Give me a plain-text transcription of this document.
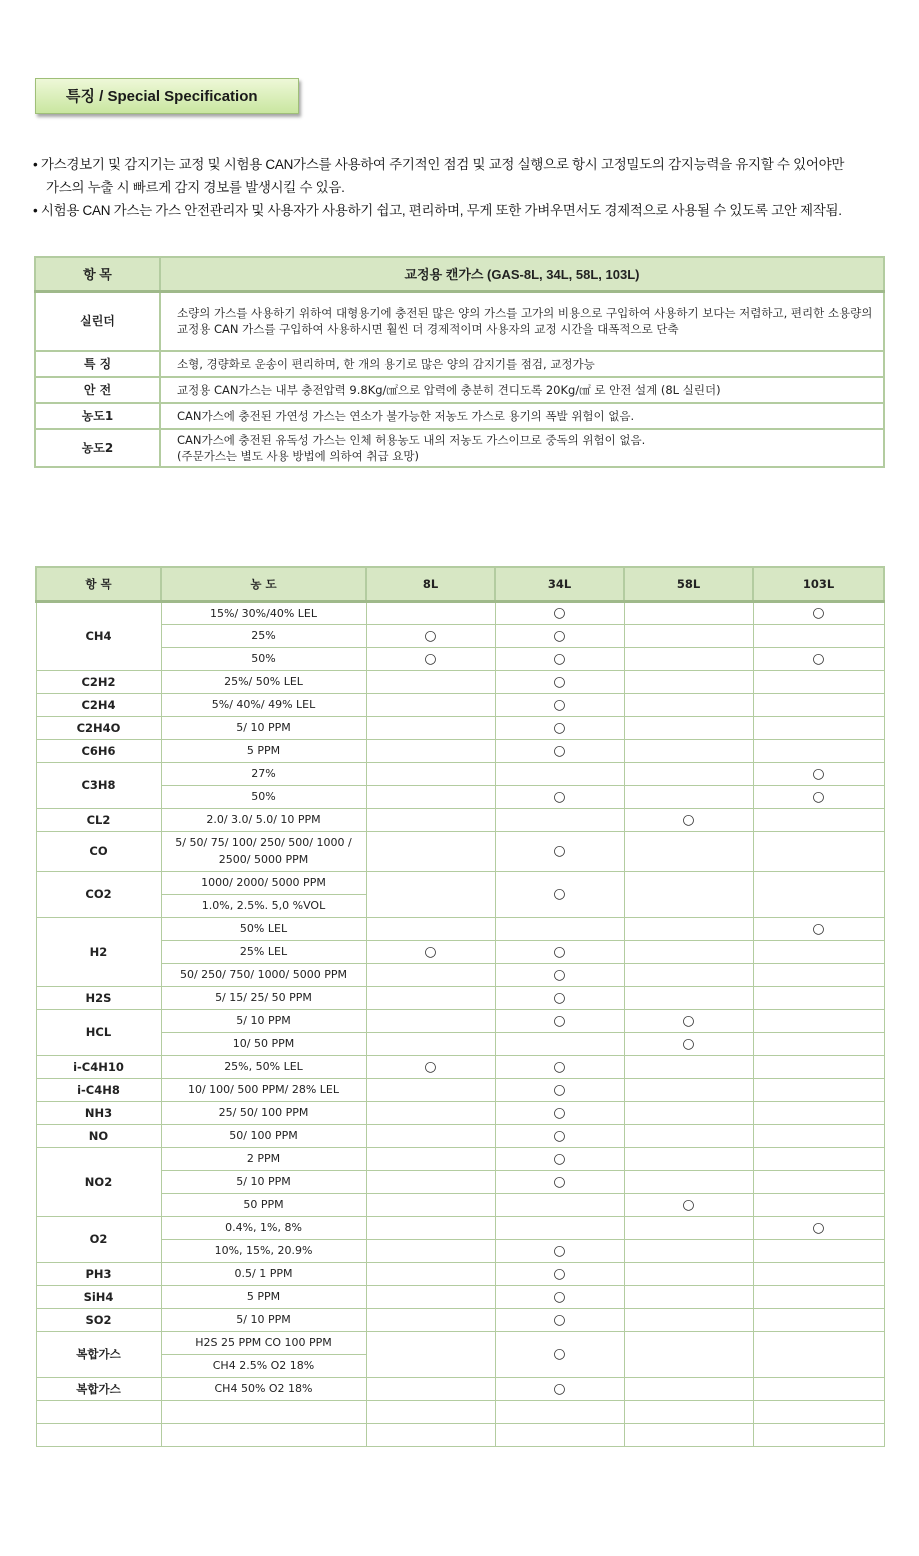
특징 / Special Specification

• 가스경보기 및 감지기는 교정 및 시험용 CAN가스를 사용하여 주기적인 점검 및 교정 실행으로 항시 고정밀도의 감지능력을 유지할 수 있어야만

가스의 누출 시 빠르게 감지 경보를 발생시킬 수 있음.

• 시험용 CAN 가스는 가스 안전관리자 및 사용자가 사용하기 쉽고, 편리하며, 무게 또한 가벼우면서도 경제적으로 사용될 수 있도록 고안 제작됨.

항 목	교정용 캔가스 (GAS-8L, 34L, 58L, 103L)
실린더	소량의 가스를 사용하기 위하여 대형용기에 충전된 많은 양의 가스를 고가의 비용으로 구입하여 사용하기 보다는 저렴하고, 편리한 소용량의 교정용 CAN 가스를 구입하여 사용하시면 훨씬 더 경제적이며 사용자의 교정 시간을 대폭적으로 단축
특 징	소형, 경량화로 운송이 편리하며, 한 개의 용기로 많은 양의 감지기를 점검, 교정가능
안 전	교정용 CAN가스는 내부 충전압력 9.8Kg/㎠으로 압력에 충분히 견디도록 20Kg/㎠ 로 안전 설계 (8L 실린더)
농도1	CAN가스에 충전된 가연성 가스는 연소가 불가능한 저농도 가스로 용기의 폭발 위험이 없음.
농도2	CAN가스에 충전된 유독성 가스는 인체 허용농도 내의 저농도 가스이므로 중독의 위험이 없음.
(주문가스는 별도 사용 방법에 의하여 취급 요망)
항 목	농 도	8L	34L	58L	103L
CH4	15%/ 30%/40% LEL		○		○
	25%	○	○		
	50%	○	○		○
C2H2	25%/ 50% LEL		○		
C2H4	5%/ 40%/ 49% LEL		○		
C2H4O	5/ 10 PPM		○		
C6H6	5 PPM		○		
C3H8	27%				○
	50%		○		○
CL2	2.0/ 3.0/ 5.0/ 10 PPM			○	
CO	5/ 50/ 75/ 100/ 250/ 500/ 1000 /
2500/ 5000 PPM		○		
CO2	1000/ 2000/ 5000 PPM		○		
	1.0%, 2.5%. 5,0 %VOL				
H2	50% LEL				○
	25% LEL	○	○		
	50/ 250/ 750/ 1000/ 5000 PPM		○		
H2S	5/ 15/ 25/ 50 PPM		○		
HCL	5/ 10 PPM		○	○	
	10/ 50 PPM			○	
i-C4H10	25%, 50% LEL	○	○		
i-C4H8	10/ 100/ 500 PPM/ 28% LEL		○		
NH3	25/ 50/ 100 PPM		○		
NO	50/ 100 PPM		○		
NO2	2 PPM		○		
	5/ 10 PPM		○		
	50 PPM			○	
O2	0.4%, 1%, 8%				○
	10%, 15%, 20.9%		○		
PH3	0.5/ 1 PPM		○		
SiH4	5 PPM		○		
SO2	5/ 10 PPM		○		
복합가스	H2S 25 PPM CO 100 PPM		○		
	CH4 2.5% O2 18%				
복합가스	CH4 50% O2 18%		○		
